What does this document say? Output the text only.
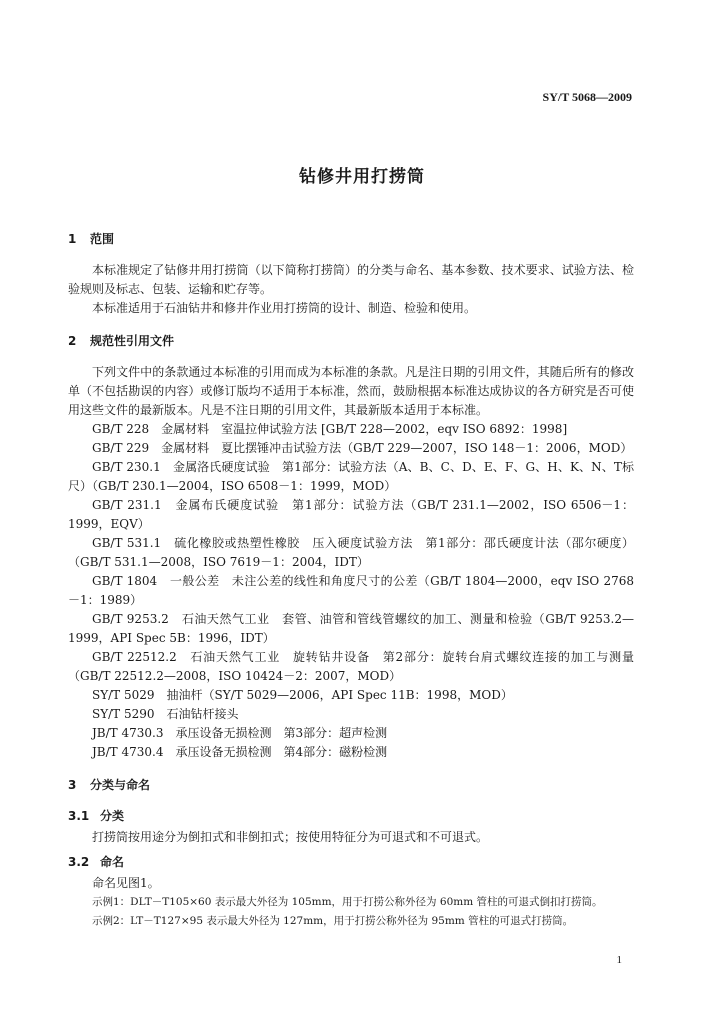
SY/T 5068—2009
钻修井用打捞筒
1 范围

本标准规定了钻修井用打捞筒（以下简称打捞筒）的分类与命名、基本参数、技术要求、试验方法、检验规则及标志、包装、运输和贮存等。

本标准适用于石油钻井和修井作业用打捞筒的设计、制造、检验和使用。

2 规范性引用文件

下列文件中的条款通过本标准的引用而成为本标准的条款。凡是注日期的引用文件，其随后所有的修改单（不包括勘误的内容）或修订版均不适用于本标准，然而，鼓励根据本标准达成协议的各方研究是否可使用这些文件的最新版本。凡是不注日期的引用文件，其最新版本适用于本标准。

GB/T 228　金属材料　室温拉伸试验方法 [GB/T 228—2002，eqv ISO 6892：1998]

GB/T 229　金属材料　夏比摆锤冲击试验方法（GB/T 229—2007，ISO 148－1：2006，MOD）

GB/T 230.1　金属洛氏硬度试验　第1部分：试验方法（A、B、C、D、E、F、G、H、K、N、T标尺）（GB/T 230.1—2004，ISO 6508－1：1999，MOD）

GB/T 231.1　金属布氏硬度试验　第1部分：试验方法（GB/T 231.1—2002，ISO 6506－1：1999，EQV）

GB/T 531.1　硫化橡胶或热塑性橡胶　压入硬度试验方法　第1部分：邵氏硬度计法（邵尔硬度）（GB/T 531.1—2008，ISO 7619－1：2004，IDT）

GB/T 1804　一般公差　未注公差的线性和角度尺寸的公差（GB/T 1804—2000，eqv ISO 2768－1：1989）

GB/T 9253.2　石油天然气工业　套管、油管和管线管螺纹的加工、测量和检验（GB/T 9253.2—1999，API Spec 5B：1996，IDT）

GB/T 22512.2　石油天然气工业　旋转钻井设备　第2部分：旋转台肩式螺纹连接的加工与测量（GB/T 22512.2—2008，ISO 10424－2：2007，MOD）

SY/T 5029　抽油杆（SY/T 5029—2006，API Spec 11B：1998，MOD）

SY/T 5290　石油钻杆接头

JB/T 4730.3　承压设备无损检测　第3部分：超声检测

JB/T 4730.4　承压设备无损检测　第4部分：磁粉检测

3 分类与命名
3.1 分类

打捞筒按用途分为倒扣式和非倒扣式；按使用特征分为可退式和不可退式。

3.2 命名

命名见图1。

示例1：DLT－T105×60 表示最大外径为 105mm，用于打捞公称外径为 60mm 管柱的可退式倒扣打捞筒。

示例2：LT－T127×95 表示最大外径为 127mm，用于打捞公称外径为 95mm 管柱的可退式打捞筒。

1
